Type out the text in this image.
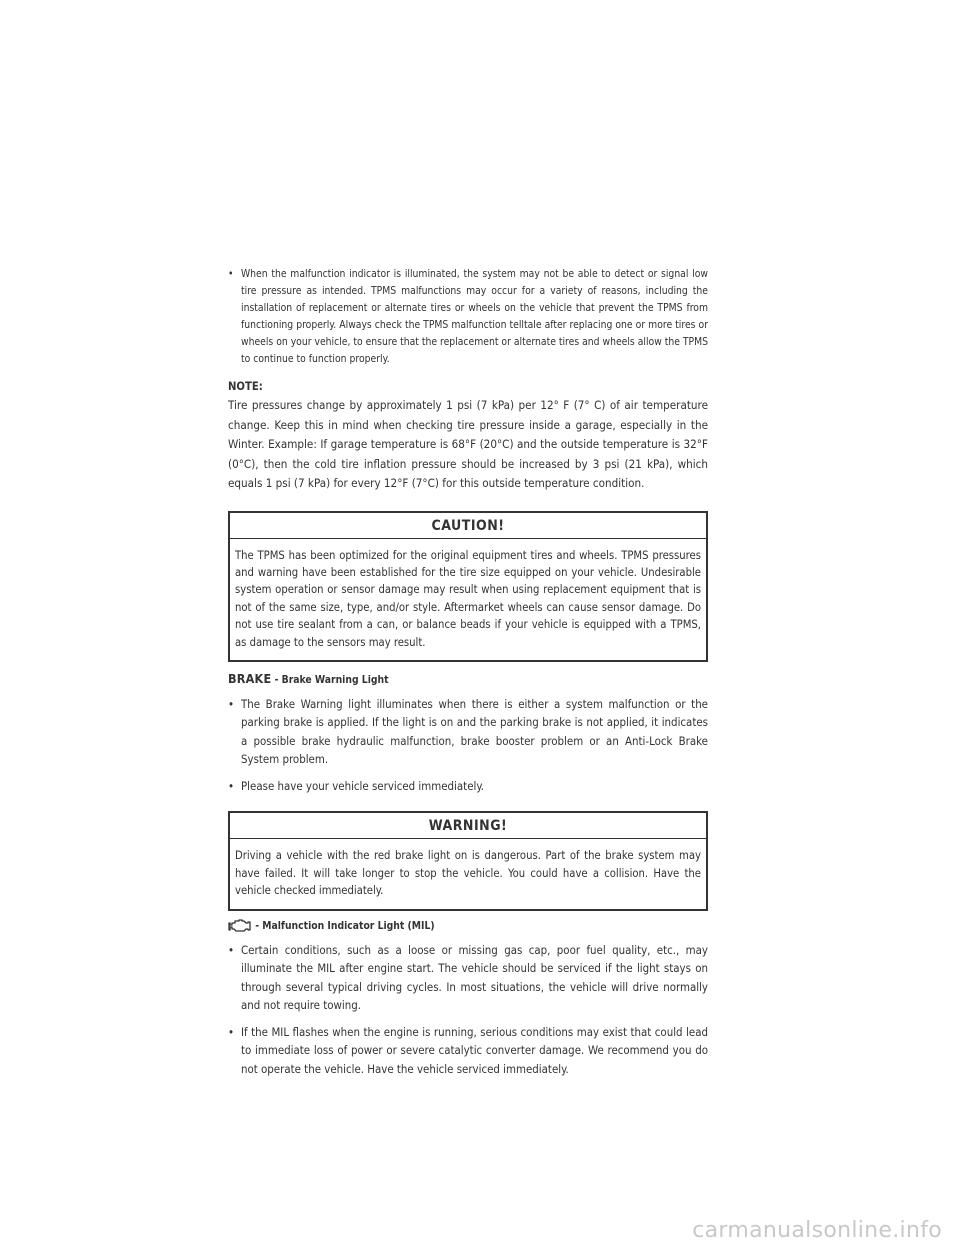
• When the malfunction indicator is illuminated, the system may not be able to detect or signal low tire pressure as intended. TPMS malfunctions may occur for a variety of reasons, including the installation of replacement or alternate tires or wheels on the vehicle that prevent the TPMS from functioning properly. Always check the TPMS malfunction telltale after replacing one or more tires or wheels on your vehicle, to ensure that the replacement or alternate tires and wheels allow the TPMS to continue to function properly.

NOTE:

Tire pressures change by approximately 1 psi (7 kPa) per 12° F (7° C) of air temperature change. Keep this in mind when checking tire pressure inside a garage, especially in the Winter. Example: If garage temperature is 68°F (20°C) and the outside temperature is 32°F (0°C), then the cold tire inflation pressure should be increased by 3 psi (21 kPa), which equals 1 psi (7 kPa) for every 12°F (7°C) for this outside temperature condition.

CAUTION!
The TPMS has been optimized for the original equipment tires and wheels. TPMS pressures and warning have been established for the tire size equipped on your vehicle. Undesirable system operation or sensor damage may result when using replacement equipment that is not of the same size, type, and/or style. Aftermarket wheels can cause sensor damage. Do not use tire sealant from a can, or balance beads if your vehicle is equipped with a TPMS, as damage to the sensors may result.
BRAKE - Brake Warning Light

• The Brake Warning light illuminates when there is either a system malfunction or the parking brake is applied. If the light is on and the parking brake is not applied, it indicates a possible brake hydraulic malfunction, brake booster problem or an Anti-Lock Brake System problem.

• Please have your vehicle serviced immediately.

WARNING!
Driving a vehicle with the red brake light on is dangerous. Part of the brake system may have failed. It will take longer to stop the vehicle. You could have a collision. Have the vehicle checked immediately.
- Malfunction Indicator Light (MIL)

• Certain conditions, such as a loose or missing gas cap, poor fuel quality, etc., may illuminate the MIL after engine start. The vehicle should be serviced if the light stays on through several typical driving cycles. In most situations, the vehicle will drive normally and not require towing.

• If the MIL flashes when the engine is running, serious conditions may exist that could lead to immediate loss of power or severe catalytic converter damage. We recommend you do not operate the vehicle. Have the vehicle serviced immediately.

carmanualsonline.info
